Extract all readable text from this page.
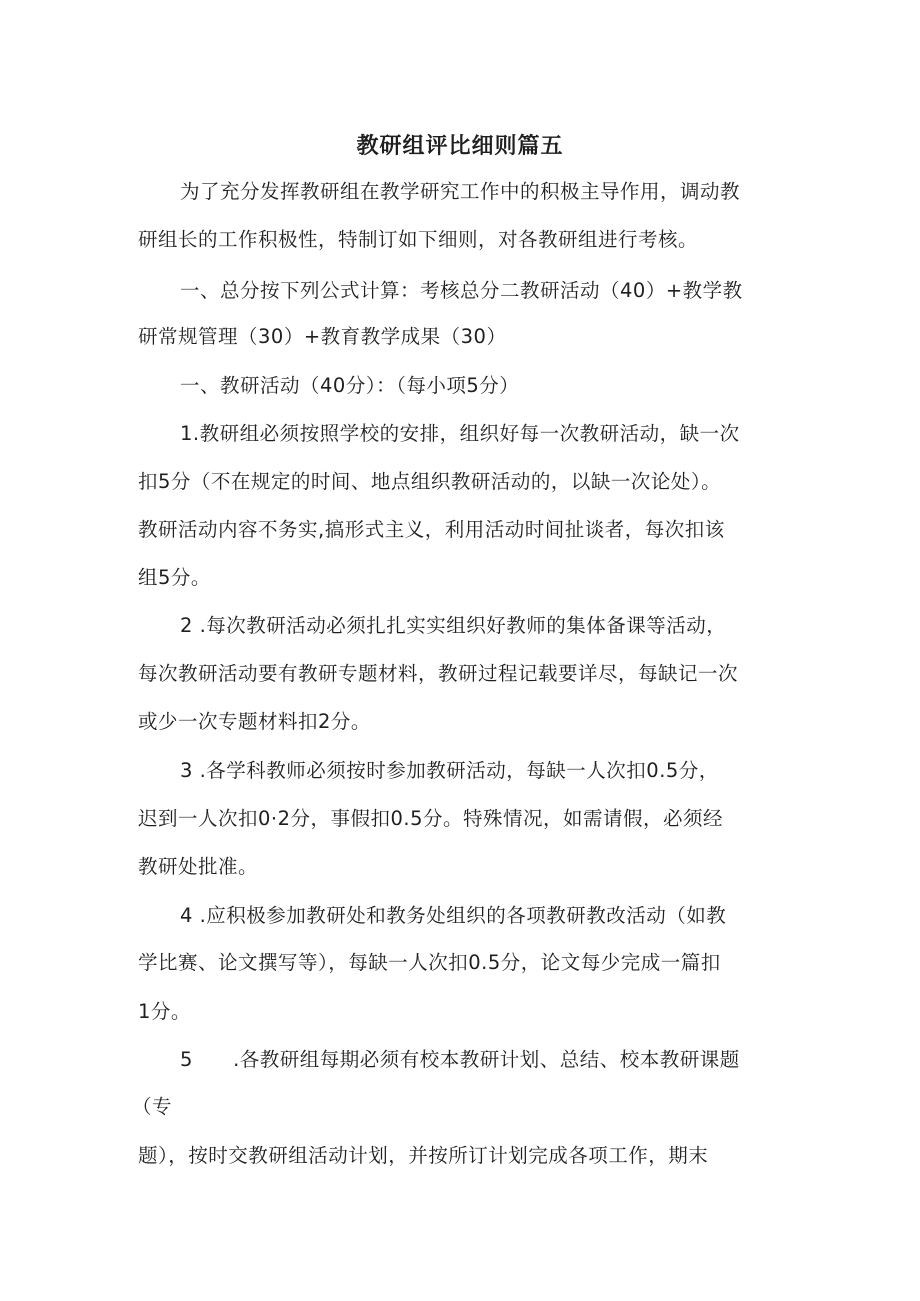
教研组评比细则篇五
为了充分发挥教研组在教学研究工作中的积极主导作用，调动教
研组长的工作积极性，特制订如下细则，对各教研组进行考核。
一、总分按下列公式计算：考核总分二教研活动（40）+教学教
研常规管理（30）+教育教学成果（30）
一、教研活动（40分）：（每小项5分）
1.教研组必须按照学校的安排，组织好每一次教研活动，缺一次
扣5分（不在规定的时间、地点组织教研活动的，以缺一次论处）。
教研活动内容不务实,搞形式主义，利用活动时间扯谈者，每次扣该
组5分。
2 .每次教研活动必须扎扎实实组织好教师的集体备课等活动，
每次教研活动要有教研专题材料，教研过程记载要详尽，每缺记一次
或少一次专题材料扣2分。
3 .各学科教师必须按时参加教研活动，每缺一人次扣0.5分，
迟到一人次扣0·2分，事假扣0.5分。特殊情况，如需请假，必须经
教研处批准。
4 .应积极参加教研处和教务处组织的各项教研教改活动（如教
学比赛、论文撰写等），每缺一人次扣0.5分，论文每少完成一篇扣
1分。
5      .各教研组每期必须有校本教研计划、总结、校本教研课题
（专
题），按时交教研组活动计划，并按所订计划完成各项工作，期末
